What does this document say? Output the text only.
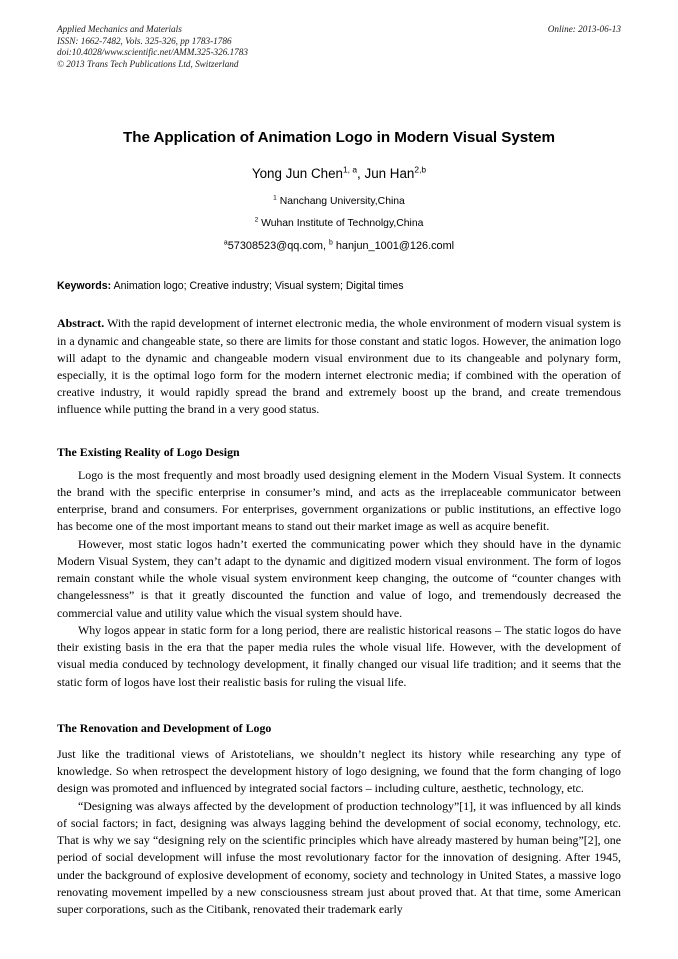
Applied Mechanics and Materials
ISSN: 1662-7482, Vols. 325-326, pp 1783-1786
doi:10.4028/www.scientific.net/AMM.325-326.1783
© 2013 Trans Tech Publications Ltd, Switzerland
Online: 2013-06-13
The Application of Animation Logo in Modern Visual System

Yong Jun Chen$^{1, a}$, Jun Han$^{2,b}$

$^1$ Nanchang University,China

$^2$ Wuhan Institute of Technolgy,China

$^a$57308523@qq.com, $^b$ hanjun_1001@126.coml

Keywords: Animation logo; Creative industry; Visual system; Digital times

Abstract. With the rapid development of internet electronic media, the whole environment of modern visual system is in a dynamic and changeable state, so there are limits for those constant and static logos. However, the animation logo will adapt to the dynamic and changeable modern visual environment due to its changeable and polynary form, especially, it is the optimal logo form for the modern internet electronic media; if combined with the operation of creative industry, it would rapidly spread the brand and extremely boost up the brand, and create tremendous influence while putting the brand in a very good status.

The Existing Reality of Logo Design

Logo is the most frequently and most broadly used designing element in the Modern Visual System. It connects the brand with the specific enterprise in consumer’s mind, and acts as the irreplaceable communicator between enterprise, brand and consumers. For enterprises, government organizations or public institutions, an effective logo has become one of the most important means to stand out their market image as well as acquire benefit.

However, most static logos hadn’t exerted the communicating power which they should have in the dynamic Modern Visual System, they can’t adapt to the dynamic and digitized modern visual environment. The form of logos remain constant while the whole visual system environment keep changing, the outcome of “counter changes with changelessness” is that it greatly discounted the function and value of logo, and tremendously decreased the commercial value and utility value which the visual system should have.

Why logos appear in static form for a long period, there are realistic historical reasons – The static logos do have their existing basis in the era that the paper media rules the whole visual life. However, with the development of visual media conduced by technology development, it finally changed our visual life tradition; and it seems that the static form of logos have lost their realistic basis for ruling the visual life.

The Renovation and Development of Logo

Just like the traditional views of Aristotelians, we shouldn’t neglect its history while researching any type of knowledge. So when retrospect the development history of logo designing, we found that the form changing of logo design was promoted and influenced by integrated social factors – including culture, aesthetic, technology, etc.

“Designing was always affected by the development of production technology”[1], it was influenced by all kinds of social factors; in fact, designing was always lagging behind the development of social economy, technology, etc. That is why we say “designing rely on the scientific principles which have already mastered by human being”[2], one period of social development will infuse the most revolutionary factor for the innovation of designing. After 1945, under the background of explosive development of economy, society and technology in United States, a massive logo renovating movement impelled by a new consciousness stream just about proved that. At that time, some American super corporations, such as the Citibank, renovated their trademark early
